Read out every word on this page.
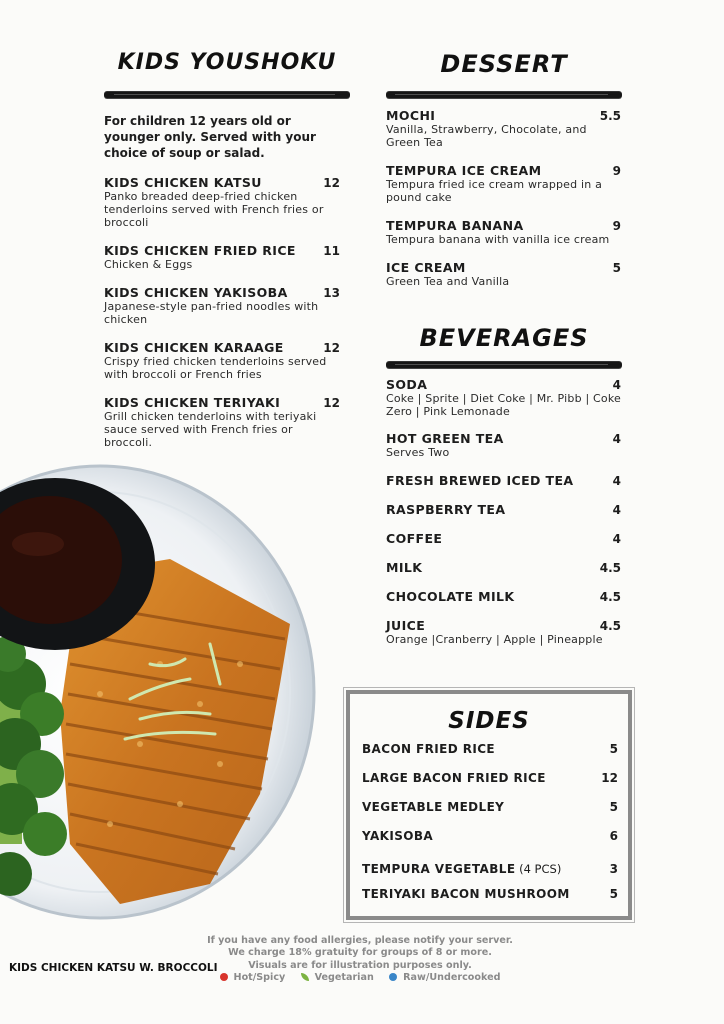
KIDS YOUSHOKU
For children 12 years old or younger only. Served with your choice of soup or salad.
KIDS CHICKEN KATSU	12
Panko breaded deep-fried chicken tenderloins served with French fries or broccoli
KIDS CHICKEN FRIED RICE 11
Chicken & Eggs
KIDS CHICKEN YAKISOBA	13
Japanese-style pan-fried noodles with chicken
KIDS CHICKEN KARAAGE	12
Crispy fried chicken tenderloins served with broccoli or French fries
KIDS CHICKEN TERIYAKI	12
Grill chicken tenderloins with teriyaki sauce served with French fries or broccoli.
DESSERT
MOCHI	5.5
Vanilla, Strawberry, Chocolate, and Green Tea
TEMPURA ICE CREAM	9
Tempura fried ice cream wrapped in a pound cake
TEMPURA BANANA	9
Tempura banana with vanilla ice cream
ICE CREAM	5
Green Tea and Vanilla
BEVERAGES
SODA	4
Coke | Sprite | Diet Coke | Mr. Pibb | Coke Zero | Pink Lemonade
HOT GREEN TEA	4
Serves Two
FRESH BREWED ICED TEA	4
RASPBERRY TEA	4
COFFEE	4
MILK	4.5
CHOCOLATE MILK	4.5
JUICE	4.5
Orange |Cranberry | Apple | Pineapple
SIDES
BACON FRIED RICE	5
LARGE BACON FRIED RICE	12
VEGETABLE MEDLEY	5
YAKISOBA	6
TEMPURA VEGETABLE (4 PCS)	3
TERIYAKI BACON MUSHROOM	5
KIDS CHICKEN KATSU W. BROCCOLI
If you have any food allergies, please notify your server.
We charge 18% gratuity for groups of 8 or more.
Visuals are for illustration purposes only.
Hot/Spicy	Vegetarian	Raw/Undercooked
